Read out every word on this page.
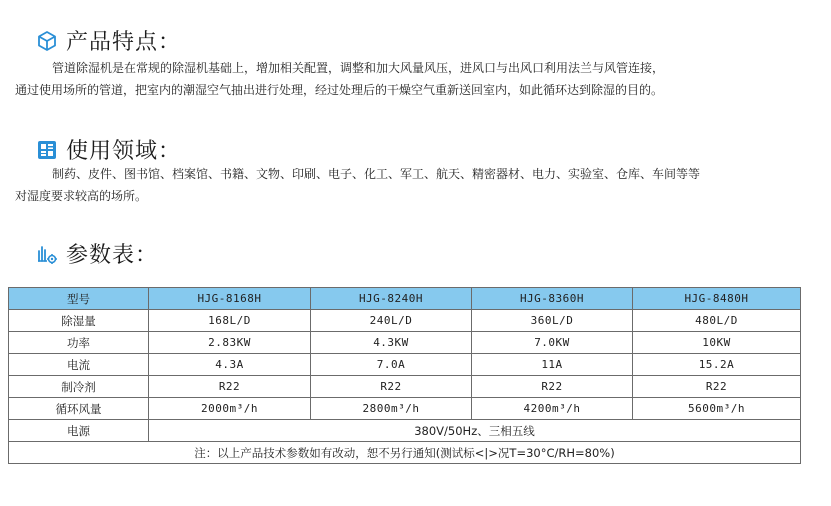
产品特点：
管道除湿机是在常规的除湿机基础上，增加相关配置，调整和加大风量风压，进风口与出风口利用法兰与风管连接，
通过使用场所的管道，把室内的潮湿空气抽出进行处理，经过处理后的干燥空气重新送回室内，如此循环达到除湿的目的。
使用领域：
制药、皮件、图书馆、档案馆、书籍、文物、印刷、电子、化工、军工、航天、精密器材、电力、实验室、仓库、车间等等
对湿度要求较高的场所。
参数表：
型号	HJG-8168H	HJG-8240H	HJG-8360H	HJG-8480H
除湿量	168L/D	240L/D	360L/D	480L/D
功率	2.83KW	4.3KW	7.0KW	10KW
电流	4.3A	7.0A	11A	15.2A
制冷剂	R22	R22	R22	R22
循环风量	2000m³/h	2800m³/h	4200m³/h	5600m³/h
电源	380V/50Hz、三相五线			
注：以上产品技术参数如有改动，恕不另行通知(测试标<|>况T=30°C/RH=80%)				
